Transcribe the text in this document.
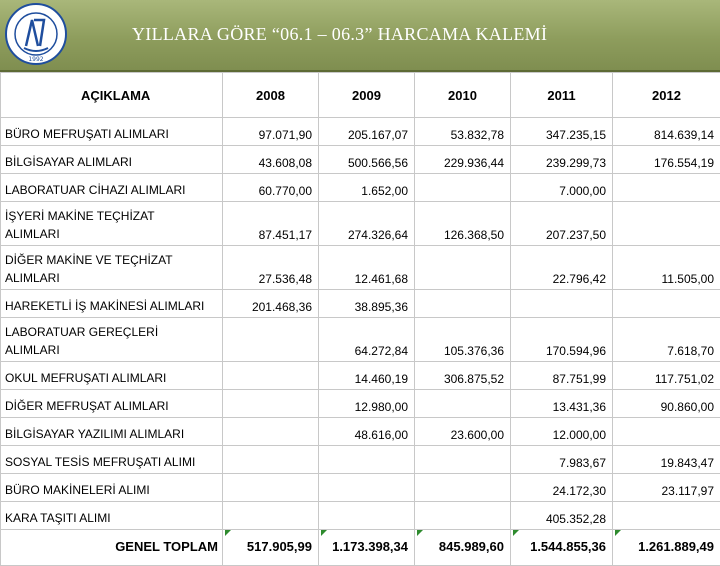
1992
YILLARA GÖRE “06.1 – 06.3” HARCAMA KALEMİ
AÇIKLAMA	2008	2009	2010	2011	2012

BÜRO MEFRUŞATI ALIMLARI	97.071,90	205.167,07	53.832,78	347.235,15	814.639,14

BİLGİSAYAR ALIMLARI	43.608,08	500.566,56	229.936,44	239.299,73	176.554,19

LABORATUAR CİHAZI ALIMLARI	60.770,00	1.652,00		7.000,00	

İŞYERİ MAKİNE TEÇHİZAT
ALIMLARI	87.451,17	274.326,64	126.368,50	207.237,50	

DİĞER MAKİNE VE TEÇHİZAT
ALIMLARI	27.536,48	12.461,68		22.796,42	11.505,00

HAREKETLİ İŞ MAKİNESİ ALIMLARI	201.468,36	38.895,36			

LABORATUAR GEREÇLERİ
ALIMLARI		64.272,84	105.376,36	170.594,96	7.618,70

OKUL MEFRUŞATI ALIMLARI		14.460,19	306.875,52	87.751,99	117.751,02

DİĞER MEFRUŞAT ALIMLARI		12.980,00		13.431,36	90.860,00

BİLGİSAYAR YAZILIMI ALIMLARI		48.616,00	23.600,00	12.000,00	

SOSYAL TESİS MEFRUŞATI ALIMI				7.983,67	19.843,47

BÜRO MAKİNELERİ ALIMI				24.172,30	23.117,97

KARA TAŞITI ALIMI				405.352,28	
GENEL TOPLAM	517.905,99	1.173.398,34	845.989,60	1.544.855,36	1.261.889,49
